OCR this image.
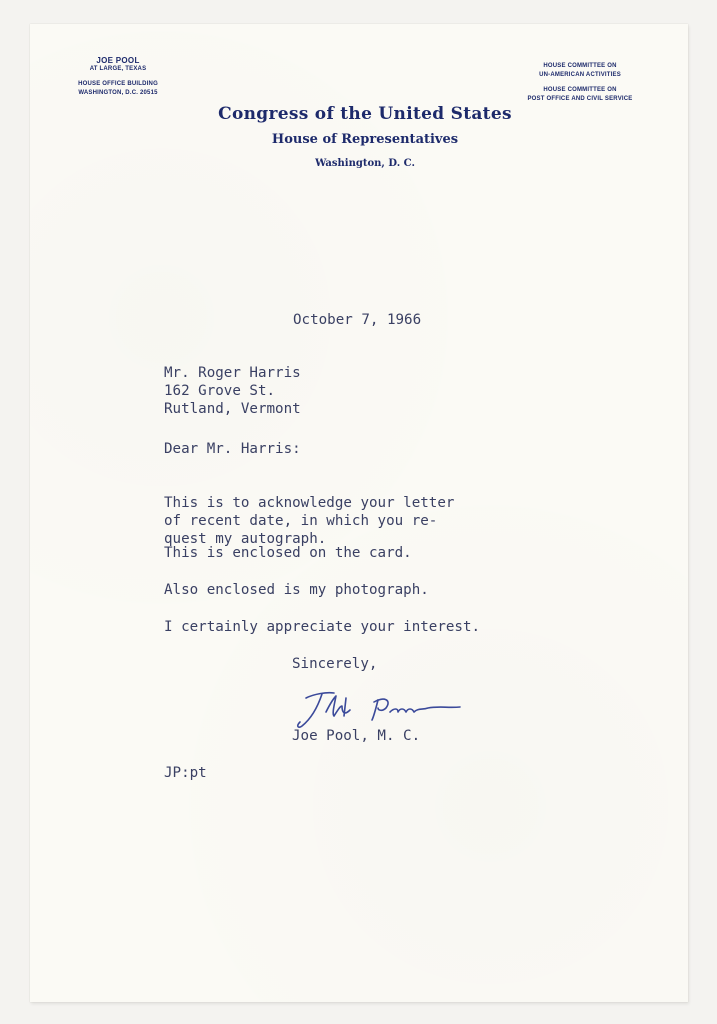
JOE POOL
AT LARGE, TEXAS
HOUSE OFFICE BUILDING
WASHINGTON, D.C. 20515
HOUSE COMMITTEE ON
UN-AMERICAN ACTIVITIES
HOUSE COMMITTEE ON
POST OFFICE AND CIVIL SERVICE
Congress of the United States
House of Representatives
Washington, D. C.
October 7, 1966
Mr. Roger Harris
162 Grove St.
Rutland, Vermont
Dear Mr. Harris:
This is to acknowledge your letter
of recent date, in which you re-
quest my autograph.
This is enclosed on the card.
Also enclosed is my photograph.
I certainly appreciate your interest.
Sincerely,
Joe Pool, M. C.
JP:pt
